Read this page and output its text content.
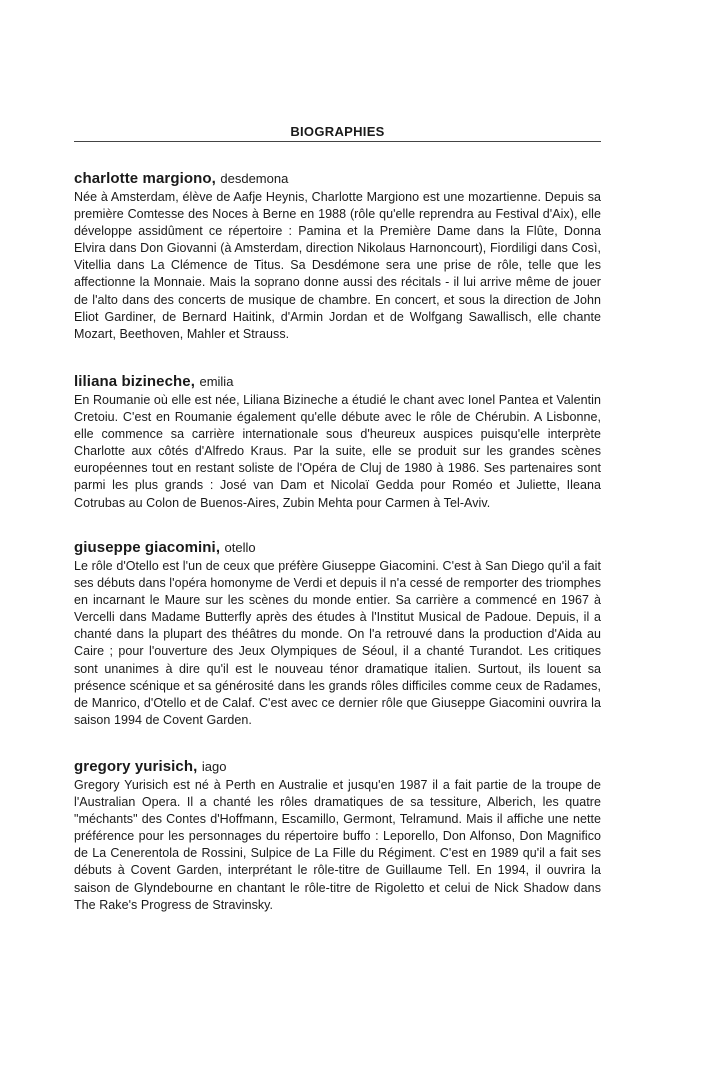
BIOGRAPHIES

charlotte margiono, desdemona

Née à Amsterdam, élève de Aafje Heynis, Charlotte Margiono est une mozartienne. Depuis sa première Comtesse des Noces à Berne en 1988 (rôle qu'elle reprendra au Festival d'Aix), elle développe assidûment ce répertoire : Pamina et la Première Dame dans la Flûte, Donna Elvira dans Don Giovanni (à Amsterdam, direction Nikolaus Harnoncourt), Fiordiligi dans Così, Vitellia dans La Clémence de Titus. Sa Desdémone sera une prise de rôle, telle que les affectionne la Monnaie. Mais la soprano donne aussi des récitals - il lui arrive même de jouer de l'alto dans des concerts de musique de chambre. En concert, et sous la direction de John Eliot Gardiner, de Bernard Haitink, d'Armin Jordan et de Wolfgang Sawallisch, elle chante Mozart, Beethoven, Mahler et Strauss.

liliana bizineche, emilia

En Roumanie où elle est née, Liliana Bizineche a étudié le chant avec Ionel Pantea et Valentin Cretoiu. C'est en Roumanie également qu'elle débute avec le rôle de Chérubin. A Lisbonne, elle commence sa carrière internationale sous d'heureux auspices puisqu'elle interprète Charlotte aux côtés d'Alfredo Kraus. Par la suite, elle se produit sur les grandes scènes européennes tout en restant soliste de l'Opéra de Cluj de 1980 à 1986. Ses partenaires sont parmi les plus grands : José van Dam et Nicolaï Gedda pour Roméo et Juliette, Ileana Cotrubas au Colon de Buenos-Aires, Zubin Mehta pour Carmen à Tel-Aviv.

giuseppe giacomini, otello

Le rôle d'Otello est l'un de ceux que préfère Giuseppe Giacomini. C'est à San Diego qu'il a fait ses débuts dans l'opéra homonyme de Verdi et depuis il n'a cessé de remporter des triomphes en incarnant le Maure sur les scènes du monde entier. Sa carrière a commencé en 1967 à Vercelli dans Madame Butterfly après des études à l'Institut Musical de Padoue. Depuis, il a chanté dans la plupart des théâtres du monde. On l'a retrouvé dans la production d'Aida au Caire ; pour l'ouverture des Jeux Olympiques de Séoul, il a chanté Turandot. Les critiques sont unanimes à dire qu'il est le nouveau ténor dramatique italien. Surtout, ils louent sa présence scénique et sa générosité dans les grands rôles difficiles comme ceux de Radames, de Manrico, d'Otello et de Calaf. C'est avec ce dernier rôle que Giuseppe Giacomini ouvrira la saison 1994 de Covent Garden.

gregory yurisich, iago

Gregory Yurisich est né à Perth en Australie et jusqu'en 1987 il a fait partie de la troupe de l'Australian Opera. Il a chanté les rôles dramatiques de sa tessiture, Alberich, les quatre "méchants" des Contes d'Hoffmann, Escamillo, Germont, Telramund. Mais il affiche une nette préférence pour les personnages du répertoire buffo : Leporello, Don Alfonso, Don Magnifico de La Cenerentola de Rossini, Sulpice de La Fille du Régiment. C'est en 1989 qu'il a fait ses débuts à Covent Garden, interprétant le rôle-titre de Guillaume Tell. En 1994, il ouvrira la saison de Glyndebourne en chantant le rôle-titre de Rigoletto et celui de Nick Shadow dans The Rake's Progress de Stravinsky.
